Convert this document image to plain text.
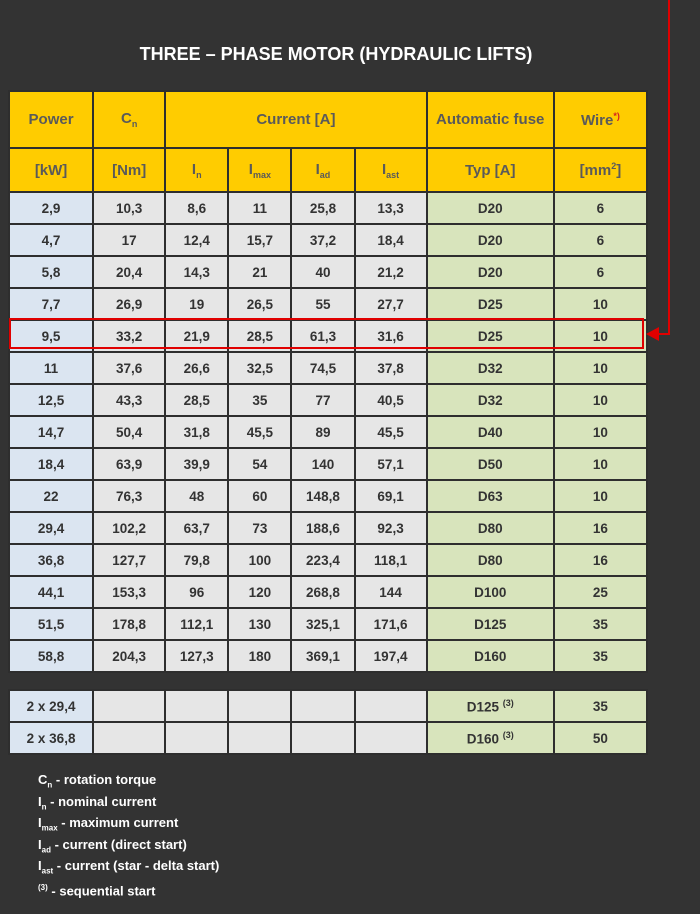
THREE – PHASE MOTOR (HYDRAULIC LIFTS)
Power	$C_n$	Current [A]				Automatic fuse	Wire*)
[kW]	[Nm]	$I_n$	$I_{max}$	$I_{ad}$	$I_{ast}$	Typ [A]	$[mm^2]$
2,9	10,3	8,6	11	25,8	13,3	D20	6
4,7	17	12,4	15,7	37,2	18,4	D20	6
5,8	20,4	14,3	21	40	21,2	D20	6
7,7	26,9	19	26,5	55	27,7	D25	10
9,5	33,2	21,9	28,5	61,3	31,6	D25	10
11	37,6	26,6	32,5	74,5	37,8	D32	10
12,5	43,3	28,5	35	77	40,5	D32	10
14,7	50,4	31,8	45,5	89	45,5	D40	10
18,4	63,9	39,9	54	140	57,1	D50	10
22	76,3	48	60	148,8	69,1	D63	10
29,4	102,2	63,7	73	188,6	92,3	D80	16
36,8	127,7	79,8	100	223,4	118,1	D80	16
44,1	153,3	96	120	268,8	144	D100	25
51,5	178,8	112,1	130	325,1	171,6	D125	35
58,8	204,3	127,3	180	369,1	197,4	D160	35

2 x 29,4						D125 $^{(3)}$	35
2 x 36,8						D160 $^{(3)}$	50
$C_n$ - rotation torque
$I_n$ - nominal current
$I_{max}$ - maximum current
$I_{ad}$ - current (direct start)
$I_{ast}$ - current (star - delta start)
$^{(3)}$ - sequential start
